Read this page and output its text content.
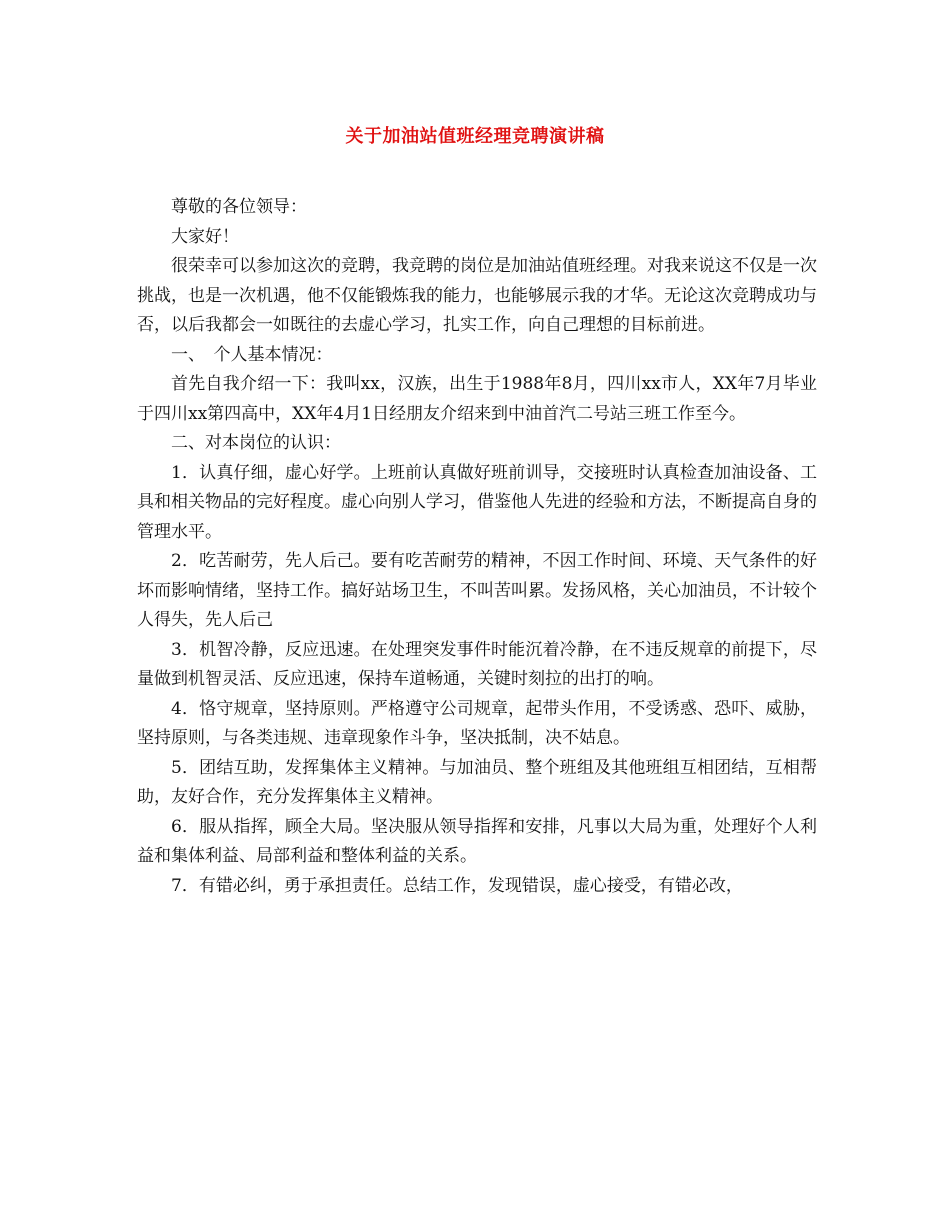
关于加油站值班经理竞聘演讲稿

尊敬的各位领导：

大家好！

很荣幸可以参加这次的竞聘，我竞聘的岗位是加油站值班经理。对我来说这不仅是一次挑战，也是一次机遇，他不仅能锻炼我的能力，也能够展示我的才华。无论这次竞聘成功与否，以后我都会一如既往的去虚心学习，扎实工作，向自己理想的目标前进。

一、　个人基本情况：

首先自我介绍一下：我叫xx，汉族，出生于1988年8月，四川xx市人，XX年7月毕业于四川xx第四高中，XX年4月1日经朋友介绍来到中油首汽二号站三班工作至今。

二、对本岗位的认识：

1．认真仔细，虚心好学。上班前认真做好班前训导，交接班时认真检查加油设备、工具和相关物品的完好程度。虚心向别人学习，借鉴他人先进的经验和方法，不断提高自身的管理水平。

2．吃苦耐劳，先人后己。要有吃苦耐劳的精神，不因工作时间、环境、天气条件的好坏而影响情绪，坚持工作。搞好站场卫生，不叫苦叫累。发扬风格，关心加油员，不计较个人得失，先人后己

3．机智冷静，反应迅速。在处理突发事件时能沉着冷静，在不违反规章的前提下，尽量做到机智灵活、反应迅速，保持车道畅通，关键时刻拉的出打的响。

4．恪守规章，坚持原则。严格遵守公司规章，起带头作用，不受诱惑、恐吓、威胁，坚持原则，与各类违规、违章现象作斗争，坚决抵制，决不姑息。

5．团结互助，发挥集体主义精神。与加油员、整个班组及其他班组互相团结，互相帮助，友好合作，充分发挥集体主义精神。

6．服从指挥，顾全大局。坚决服从领导指挥和安排，凡事以大局为重，处理好个人利益和集体利益、局部利益和整体利益的关系。

7．有错必纠，勇于承担责任。总结工作，发现错误，虚心接受，有错必改，
